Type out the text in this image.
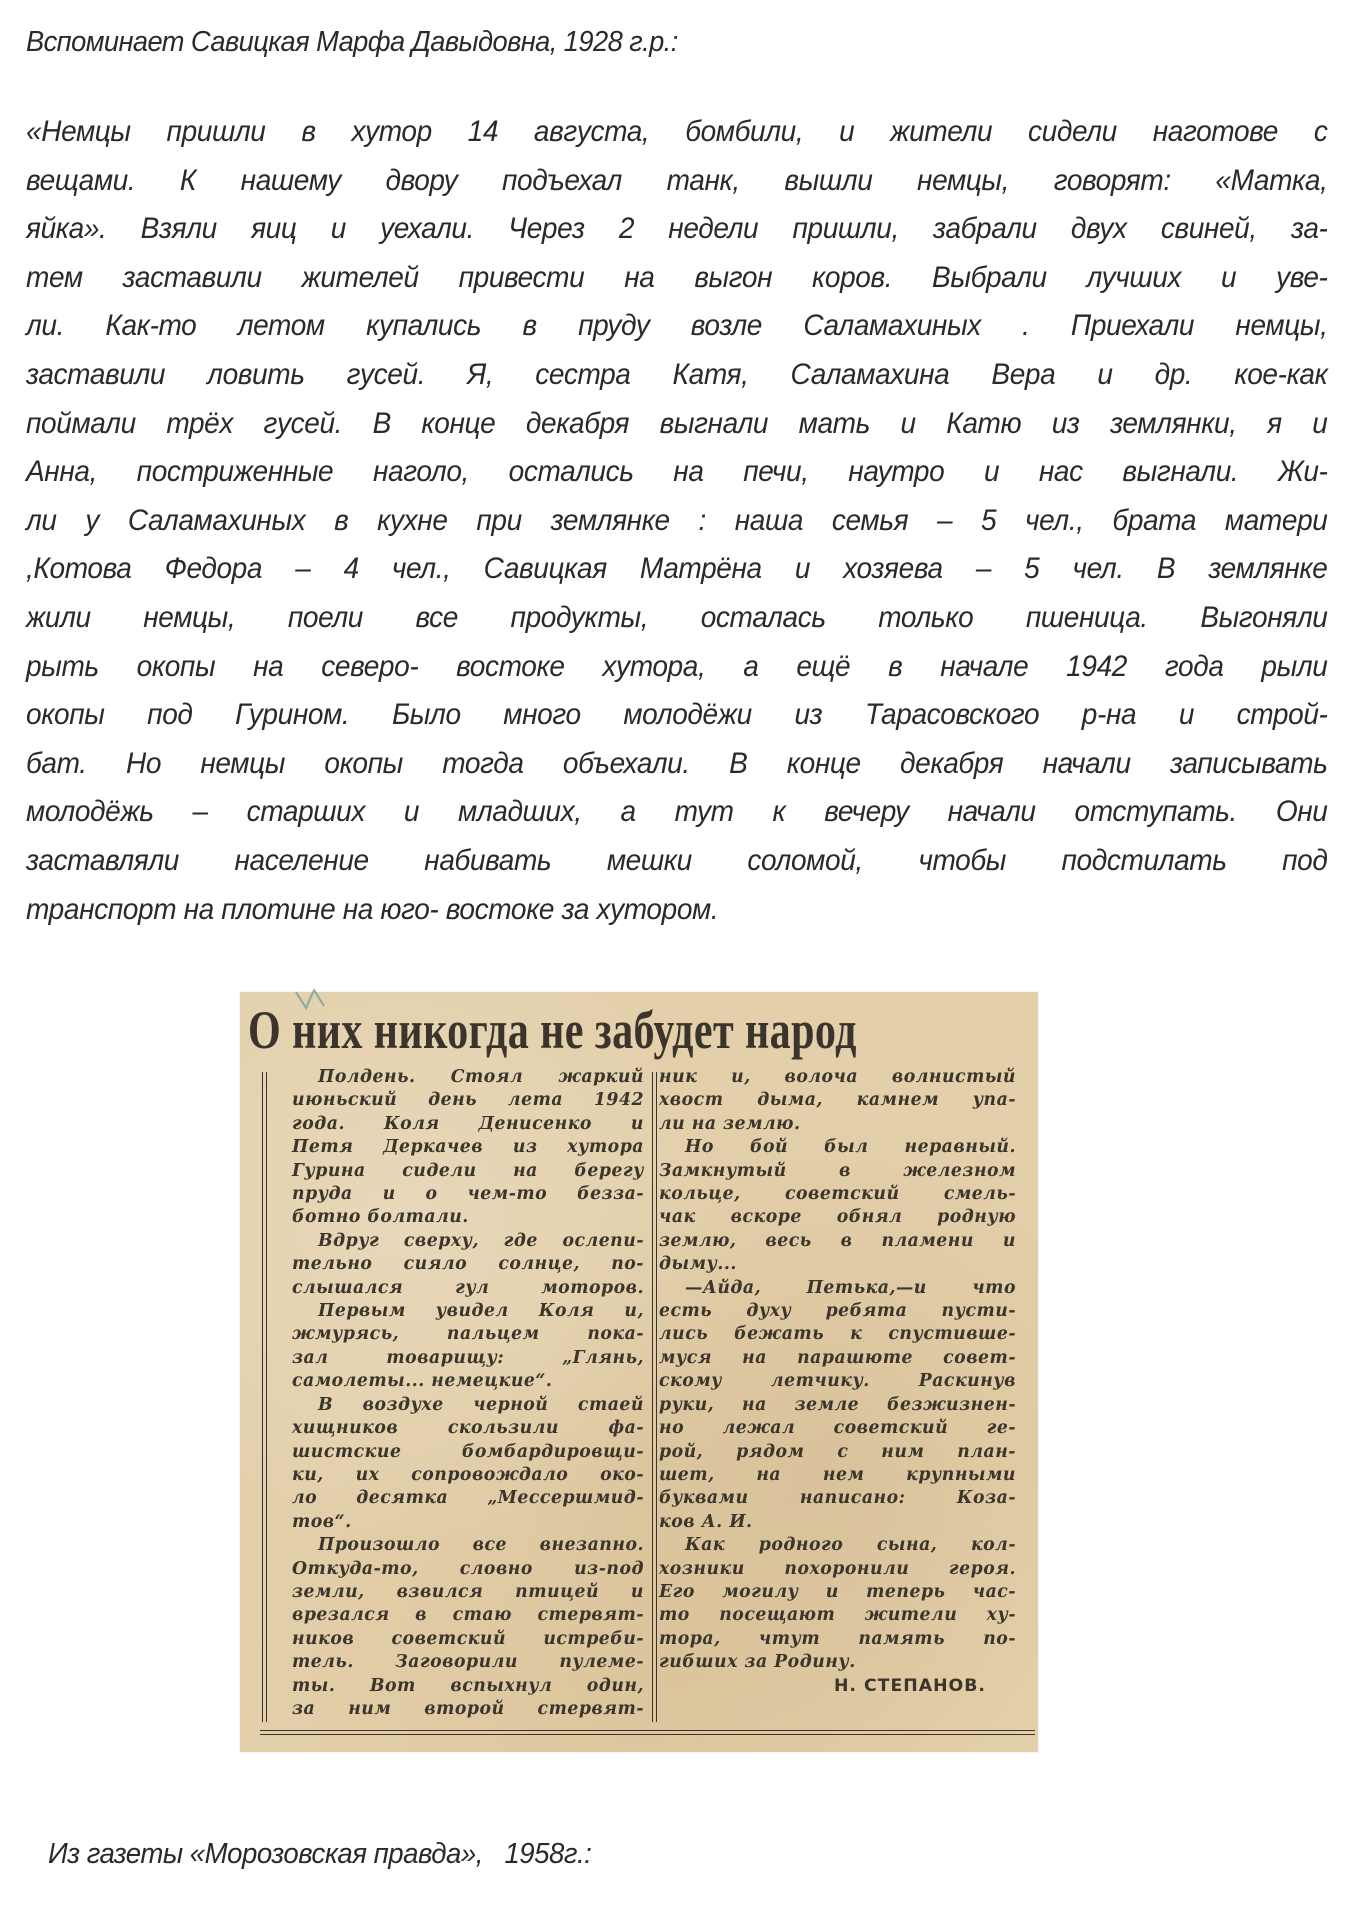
Вспоминает Савицкая Марфа Давыдовна, 1928 г.р.:
«Немцы пришли в хутор 14 августа, бомбили, и жители сидели наготове с
вещами. К нашему двору подъехал танк, вышли немцы, говорят: «Матка,
яйка». Взяли яиц и уехали. Через 2 недели пришли, забрали двух свиней, за-
тем заставили жителей привести на выгон коров. Выбрали лучших и уве-
ли. Как-то летом купались в пруду возле Саламахиных . Приехали немцы,
заставили ловить гусей. Я, сестра Катя, Саламахина Вера и др. кое-как
поймали трёх гусей. В конце декабря выгнали мать и Катю из землянки, я и
Анна, постриженные наголо, остались на печи, наутро и нас выгнали. Жи-
ли у Саламахиных в кухне при землянке : наша семья – 5 чел., брата матери
,Котова Федора – 4 чел., Савицкая Матрёна и хозяева – 5 чел. В землянке
жили немцы, поели все продукты, осталась только пшеница. Выгоняли
рыть окопы на северо- востоке хутора, а ещё в начале 1942 года рыли
окопы под Гурином. Было много молодёжи из Тарасовского р-на и строй-
бат. Но немцы окопы тогда объехали. В конце декабря начали записывать
молодёжь – старших и младших, а тут к вечеру начали отступать. Они
заставляли население набивать мешки соломой, чтобы подстилать под
транспорт на плотине на юго- востоке за хутором.
О них никогда не забудет народ
Полдень. Стоял жаркий
июньский день лета 1942
года. Коля Денисенко и
Петя Деркачев из хутора
Гурина сидели на берегу
пруда и о чем-то безза-
ботно болтали.
Вдруг сверху, где ослепи-
тельно сияло солнце, по-
слышался гул моторов.
Первым увидел Коля и,
жмурясь, пальцем пока-
зал товарищу: „Глянь,
самолеты... немецкие“.
В воздухе черной стаей
хищников скользили фа-
шистские бомбардировщи-
ки, их сопровождало око-
ло десятка „Мессершмид-
тов“.
Произошло все внезапно.
Откуда-то, словно из-под
земли, взвился птицей и
врезался в стаю стервят-
ников советский истреби-
тель. Заговорили пулеме-
ты. Вот вспыхнул один,
за ним второй стервят-
ник и, волоча волнистый
хвост дыма, камнем упа-
ли на землю.
Но бой был неравный.
Замкнутый в железном
кольце, советский смель-
чак вскоре обнял родную
землю, весь в пламени и
дыму...
—Айда, Петька,—и что
есть духу ребята пусти-
лись бежать к спустивше-
муся на парашюте совет-
скому летчику. Раскинув
руки, на земле безжизнен-
но лежал советский ге-
рой, рядом с ним план-
шет, на нем крупными
буквами написано: Коза-
ков А. И.
Как родного сына, кол-
хозники похоронили героя.
Его могилу и теперь час-
то посещают жители ху-
тора, чтут память по-
гибших за Родину.
Н. СТЕПАНОВ.
Из газеты «Морозовская правда»,   1958г.:
